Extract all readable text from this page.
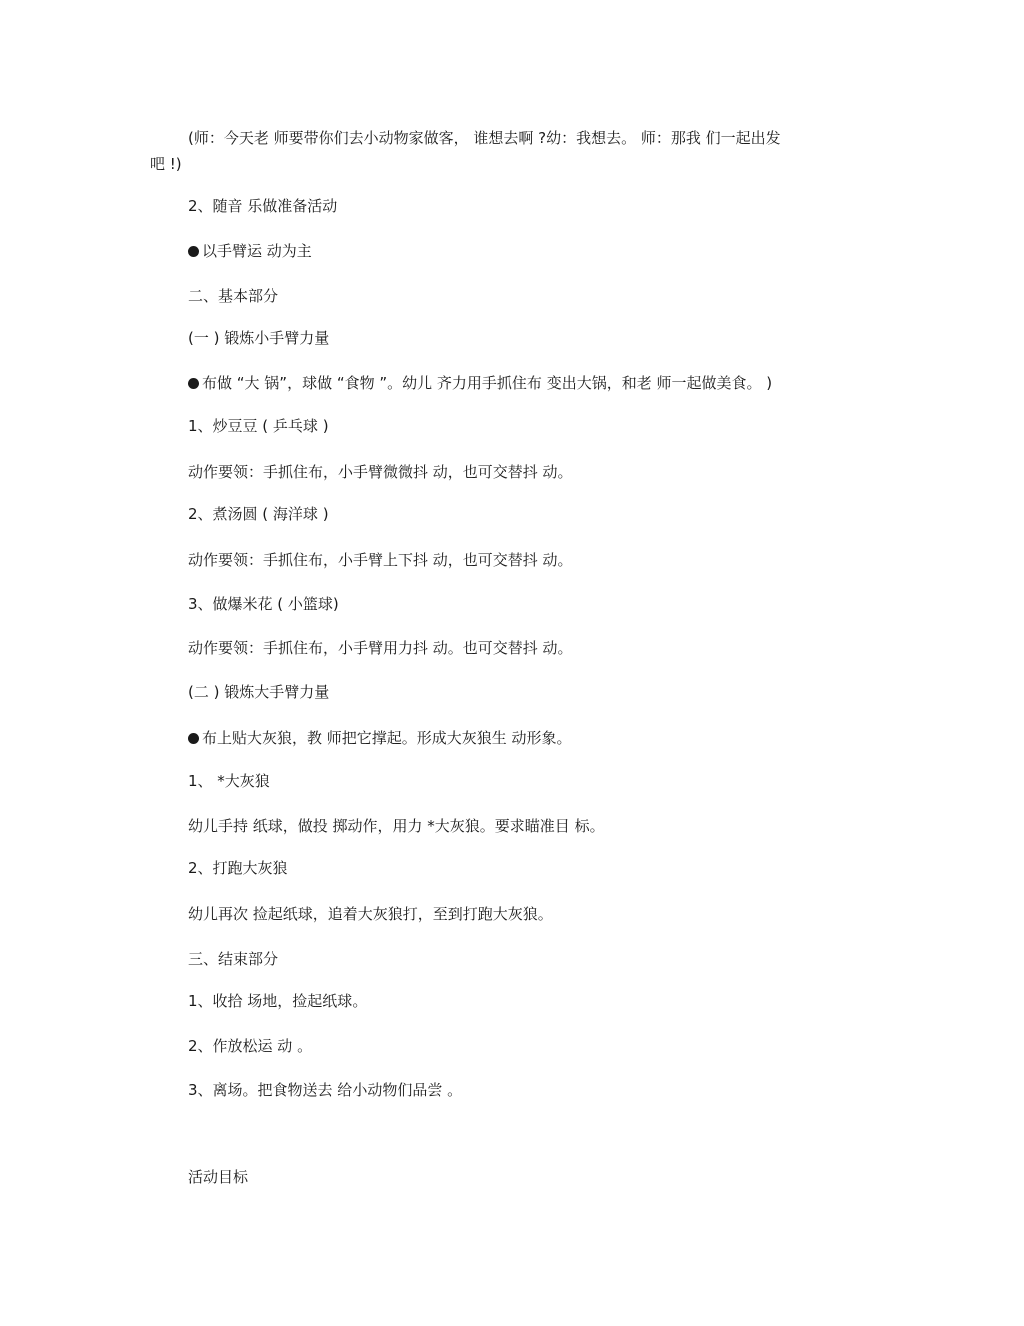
(师：今天老 师要带你们去小动物家做客， 谁想去啊 ?幼：我想去。 师：那我 们一起出发

吧 !)

2、随音 乐做准备活动

以手臂运 动为主

二、基本部分

(一 ) 锻炼小手臂力量

布做 “大 锅”，球做 “食物 ”。幼儿 齐力用手抓住布 变出大锅，和老 师一起做美食。 )

1、炒豆豆 ( 乒乓球 )

动作要领：手抓住布，小手臂微微抖 动，也可交替抖 动。

2、煮汤圆 ( 海洋球 )

动作要领：手抓住布，小手臂上下抖 动，也可交替抖 动。

3、做爆米花 ( 小篮球)

动作要领：手抓住布，小手臂用力抖 动。也可交替抖 动。

(二 ) 锻炼大手臂力量

布上贴大灰狼，教 师把它撑起。形成大灰狼生 动形象。

1、 *大灰狼

幼儿手持 纸球，做投 掷动作，用力 *大灰狼。要求瞄准目 标。

2、打跑大灰狼

幼儿再次 捡起纸球，追着大灰狼打，至到打跑大灰狼。

三、结束部分

1、收拾 场地，捡起纸球。

2、作放松运 动 。

3、离场。把食物送去 给小动物们品尝 。

活动目标
